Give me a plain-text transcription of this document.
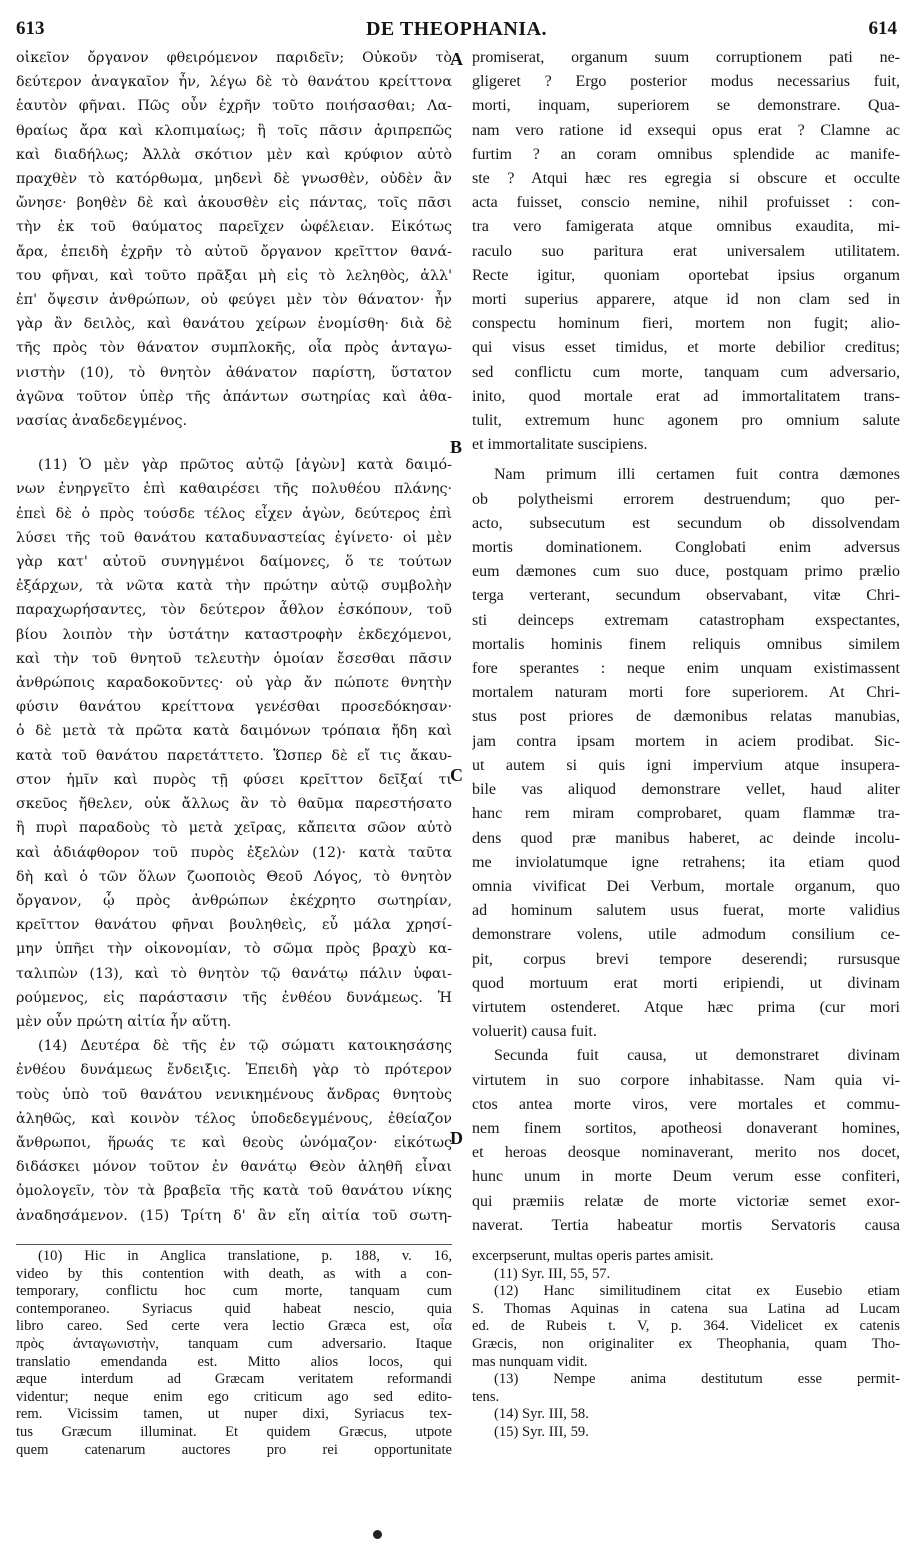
613	DE THEOPHANIA.	614
A
B
C
D
οἰκεῖον ὄργανον φθειρόμενον παριδεῖν; Οὐκοῦν τὸ
δεύτερον ἀναγκαῖον ἦν, λέγω δὲ τὸ θανάτου κρείττονα
ἑαυτὸν φῆναι. Πῶς οὖν ἐχρῆν τοῦτο ποιήσασθαι; Λα-
θραίως ἄρα καὶ κλοπιμαίως; ἢ τοῖς πᾶσιν ἀριπρεπῶς
καὶ διαδήλως; Ἀλλὰ σκότιον μὲν καὶ κρύφιον αὐτὸ
πραχθὲν τὸ κατόρθωμα, μηδενὶ δὲ γνωσθὲν, οὐδὲν ἂν
ὤνησε· βοηθὲν δὲ καὶ ἀκουσθὲν εἰς πάντας, τοῖς πᾶσι
τὴν ἐκ τοῦ θαύματος παρεῖχεν ὠφέλειαν. Εἰκότως
ἄρα, ἐπειδὴ ἐχρῆν τὸ αὐτοῦ ὄργανον κρεῖττον θανά-
του φῆναι, καὶ τοῦτο πρᾶξαι μὴ εἰς τὸ λεληθὸς, ἀλλ'
ἐπ' ὄψεσιν ἀνθρώπων, οὐ φεύγει μὲν τὸν θάνατον· ἦν
γὰρ ἂν δειλὸς, καὶ θανάτου χείρων ἐνομίσθη· διὰ δὲ
τῆς πρὸς τὸν θάνατον συμπλοκῆς, οἷα πρὸς ἀνταγω-
νιστὴν (10), τὸ θνητὸν ἀθάνατον παρίστη, ὕστατον
ἀγῶνα τοῦτον ὑπὲρ τῆς ἁπάντων σωτηρίας καὶ ἀθα-
νασίας ἀναδεδεγμένος.
(11) Ὁ μὲν γὰρ πρῶτος αὐτῷ [ἀγὼν] κατὰ δαιμό-
νων ἐνηργεῖτο ἐπὶ καθαιρέσει τῆς πολυθέου πλάνης·
ἐπεὶ δὲ ὁ πρὸς τούσδε τέλος εἶχεν ἀγὼν, δεύτερος ἐπὶ
λύσει τῆς τοῦ θανάτου καταδυναστείας ἐγίνετο· οἱ μὲν
γὰρ κατ' αὐτοῦ συνηγμένοι δαίμονες, ὅ τε τούτων
ἐξάρχων, τὰ νῶτα κατὰ τὴν πρώτην αὐτῷ συμβολὴν
παραχωρήσαντες, τὸν δεύτερον ἆθλον ἐσκόπουν, τοῦ
βίου λοιπὸν τὴν ὑστάτην καταστροφὴν ἐκδεχόμενοι,
καὶ τὴν τοῦ θνητοῦ τελευτὴν ὁμοίαν ἔσεσθαι πᾶσιν
ἀνθρώποις καραδοκοῦντες· οὐ γὰρ ἄν πώποτε θνητὴν
φύσιν θανάτου κρείττονα γενέσθαι προσεδόκησαν·
ὁ δὲ μετὰ τὰ πρῶτα κατὰ δαιμόνων τρόπαια ἤδη καὶ
κατὰ τοῦ θανάτου παρετάττετο. Ὥσπερ δὲ εἴ τις ἄκαυ-
στον ἡμῖν καὶ πυρὸς τῇ φύσει κρεῖττον δεῖξαί τι
σκεῦος ἤθελεν, οὐκ ἄλλως ἂν τὸ θαῦμα παρεστήσατο
ἢ πυρὶ παραδοὺς τὸ μετὰ χεῖρας, κἄπειτα σῶον αὐτὸ
καὶ ἀδιάφθορον τοῦ πυρὸς ἐξελὼν (12)· κατὰ ταῦτα
δὴ καὶ ὁ τῶν ὅλων ζωοποιὸς Θεοῦ Λόγος, τὸ θνητὸν
ὄργανον, ᾧ πρὸς ἀνθρώπων ἐκέχρητο σωτηρίαν,
κρεῖττον θανάτου φῆναι βουληθεὶς, εὖ μάλα χρησί-
μην ὑπῆει τὴν οἰκονομίαν, τὸ σῶμα πρὸς βραχὺ κα-
ταλιπὼν (13), καὶ τὸ θνητὸν τῷ θανάτῳ πάλιν ὑφαι-
ρούμενος, εἰς παράστασιν τῆς ἐνθέου δυνάμεως. Ἡ
μὲν οὖν πρώτη αἰτία ἦν αὕτη.
(14) Δευτέρα δὲ τῆς ἐν τῷ σώματι κατοικησάσης
ἐνθέου δυνάμεως ἔνδειξις. Ἐπειδὴ γὰρ τὸ πρότερον
τοὺς ὑπὸ τοῦ θανάτου νενικημένους ἄνδρας θνητοὺς
ἀληθῶς, καὶ κοινὸν τέλος ὑποδεδεγμένους, ἐθείαζον
ἄνθρωποι, ἥρωάς τε καὶ θεοὺς ὠνόμαζον· εἰκότως
διδάσκει μόνον τοῦτον ἐν θανάτῳ Θεὸν ἀληθῆ εἶναι
ὁμολογεῖν, τὸν τὰ βραβεῖα τῆς κατὰ τοῦ θανάτου νίκης
ἀναδησάμενον. (15) Τρίτη δ' ἂν εἴη αἰτία τοῦ σωτη-
promiserat, organum suum corruptionem pati ne-
gligeret ? Ergo posterior modus necessarius fuit,
morti, inquam, superiorem se demonstrare. Qua-
nam vero ratione id exsequi opus erat ? Clamne ac
furtim ? an coram omnibus splendide ac manife-
ste ? Atqui hæc res egregia si obscure et occulte
acta fuisset, conscio nemine, nihil profuisset : con-
tra vero famigerata atque omnibus exaudita, mi-
raculo suo paritura erat universalem utilitatem.
Recte igitur, quoniam oportebat ipsius organum
morti superius apparere, atque id non clam sed in
conspectu hominum fieri, mortem non fugit; alio-
qui visus esset timidus, et morte debilior creditus;
sed conflictu cum morte, tanquam cum adversario,
inito, quod mortale erat ad immortalitatem trans-
tulit, extremum hunc agonem pro omnium salute
et immortalitate suscipiens.
Nam primum illi certamen fuit contra dæmones
ob polytheismi errorem destruendum; quo per-
acto, subsecutum est secundum ob dissolvendam
mortis dominationem. Conglobati enim adversus
eum dæmones cum suo duce, postquam primo prælio
terga verterant, secundum observabant, vitæ Chri-
sti deinceps extremam catastropham exspectantes,
mortalis hominis finem reliquis omnibus similem
fore sperantes : neque enim unquam existimassent
mortalem naturam morti fore superiorem. At Chri-
stus post priores de dæmonibus relatas manubias,
jam contra ipsam mortem in aciem prodibat. Sic-
ut autem si quis igni impervium atque insupera-
bile vas aliquod demonstrare vellet, haud aliter
hanc rem miram comprobaret, quam flammæ tra-
dens quod præ manibus haberet, ac deinde incolu-
me inviolatumque igne retrahens; ita etiam quod
omnia vivificat Dei Verbum, mortale organum, quo
ad hominum salutem usus fuerat, morte validius
demonstrare volens, utile admodum consilium ce-
pit, corpus brevi tempore deserendi; rursusque
quod mortuum erat morti eripiendi, ut divinam
virtutem ostenderet. Atque hæc prima (cur mori
voluerit) causa fuit.
Secunda fuit causa, ut demonstraret divinam
virtutem in suo corpore inhabitasse. Nam quia vi-
ctos antea morte viros, vere mortales et commu-
nem finem sortitos, apotheosi donaverant homines,
et heroas deosque nominaverant, merito nos docet,
hunc unum in morte Deum verum esse confiteri,
qui præmiis relatæ de morte victoriæ semet exor-
naverat. Tertia habeatur mortis Servatoris causa
(10) Hic in Anglica translatione, p. 188, v. 16,
video by this contention with death, as with a con-
temporary, conflictu hoc cum morte, tanquam cum
contemporaneo. Syriacus quid habeat nescio, quia
libro careo. Sed certe vera lectio Græca est, οἷα
πρὸς ἀνταγωνιστὴν, tanquam cum adversario. Itaque
translatio emendanda est. Mitto alios locos, qui
æque interdum ad Græcam veritatem reformandi
videntur; neque enim ego criticum ago sed edito-
rem. Vicissim tamen, ut nuper dixi, Syriacus tex-
tus Græcum illuminat. Et quidem Græcus, utpote
quem catenarum auctores pro rei opportunitate
excerpserunt, multas operis partes amisit.
(11) Syr. III, 55, 57.
(12) Hanc similitudinem citat ex Eusebio etiam
S. Thomas Aquinas in catena sua Latina ad Lucam
ed. de Rubeis t. V, p. 364. Videlicet ex catenis
Græcis, non originaliter ex Theophania, quam Tho-
mas nunquam vidit.
(13) Nempe anima destitutum esse permit-
tens.
(14) Syr. III, 58.
(15) Syr. III, 59.
